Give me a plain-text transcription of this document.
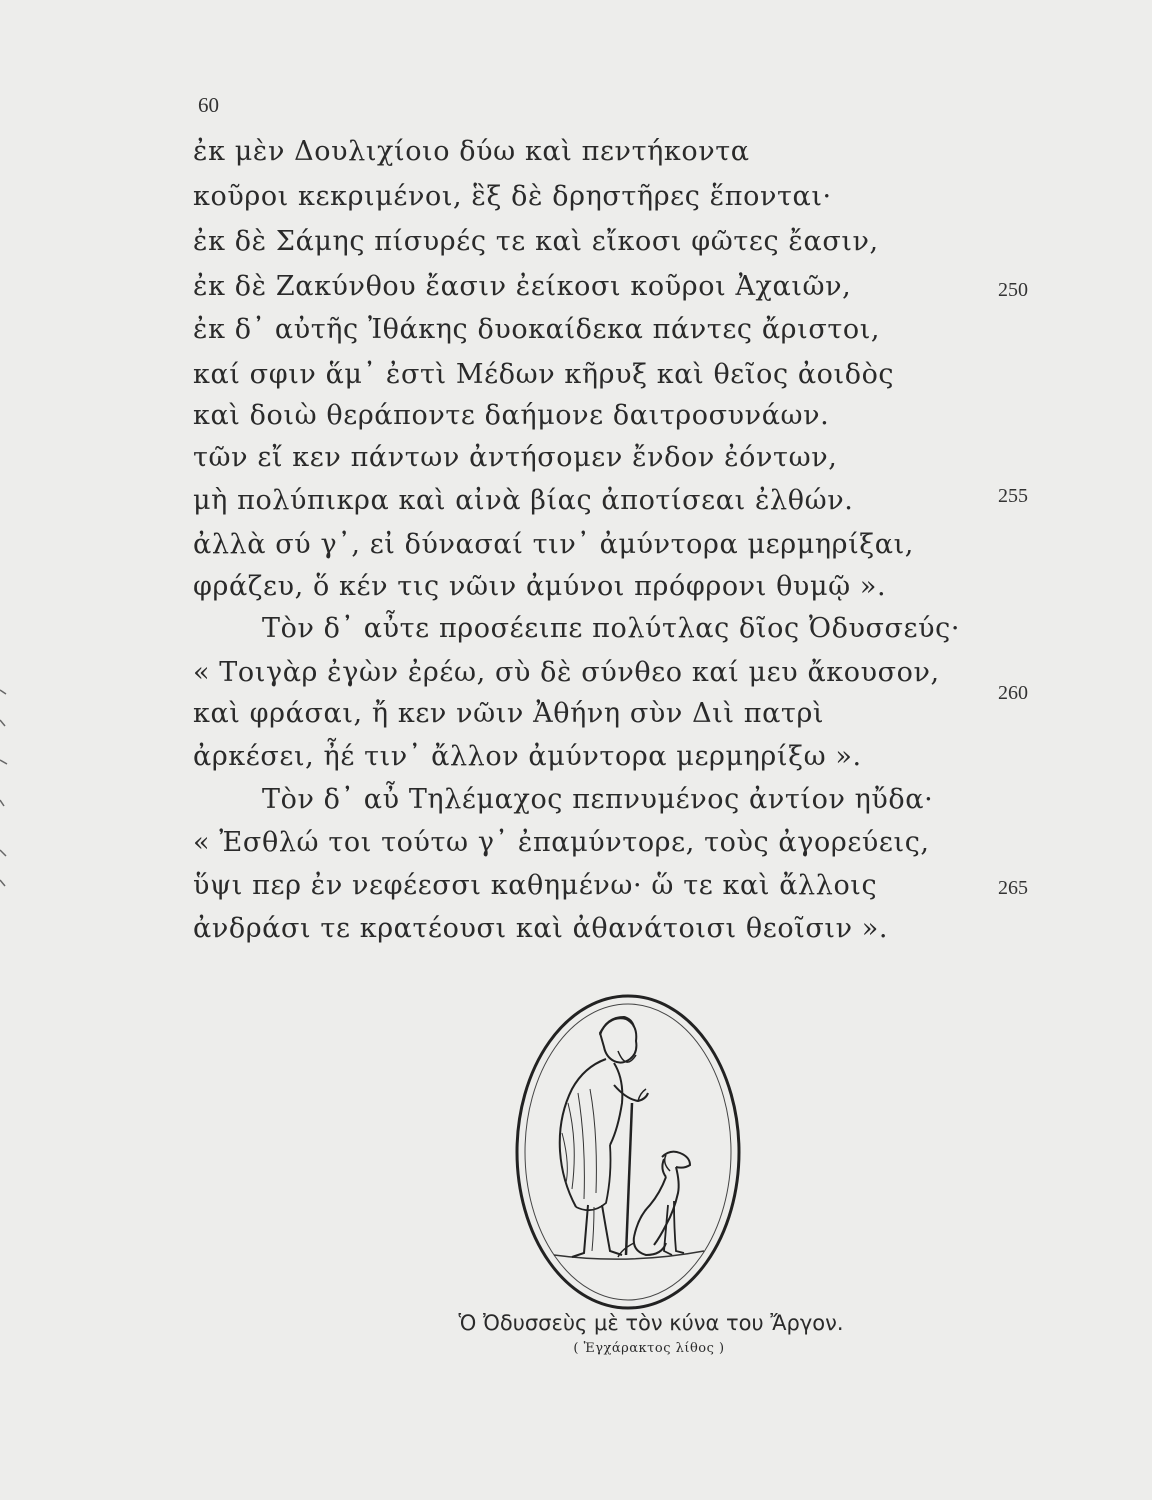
60
ἐκ μὲν Δουλιχίοιο δύω καὶ πεντήκοντα
κοῦροι κεκριμένοι, ἓξ δὲ δρηστῆρες ἕπονται·
ἐκ δὲ Σάμης πίσυρές τε καὶ εἴκοσι φῶτες ἔασιν,
ἐκ δὲ Ζακύνθου ἔασιν ἐείκοσι κοῦροι Ἀχαιῶν,	250
ἐκ δ᾽ αὐτῆς Ἰθάκης δυοκαίδεκα πάντες ἄριστοι,
καί σφιν ἅμ᾽ ἐστὶ Μέδων κῆρυξ καὶ θεῖος ἀοιδὸς
καὶ δοιὼ θεράποντε δαήμονε δαιτροσυνάων.
τῶν εἴ κεν πάντων ἀντήσομεν ἔνδον ἐόντων,
μὴ πολύπικρα καὶ αἰνὰ βίας ἀποτίσεαι ἐλθών.	255
ἀλλὰ σύ γ᾽, εἰ δύνασαί τιν᾽ ἀμύντορα μερμηρίξαι,
φράζευ, ὅ κέν τις νῶιν ἀμύνοι πρόφρονι θυμῷ ».
Τὸν δ᾽ αὖτε προσέειπε πολύτλας δῖος Ὀδυσσεύς·
« Τοιγὰρ ἐγὼν ἐρέω, σὺ δὲ σύνθεο καί μευ ἄκουσον,
καὶ φράσαι, ἤ κεν νῶιν Ἀθήνη σὺν Διὶ πατρὶ
260
ἀρκέσει, ἦέ τιν᾽ ἄλλον ἀμύντορα μερμηρίξω ».
Τὸν δ᾽ αὖ Τηλέμαχος πεπνυμένος ἀντίον ηὔδα·
« Ἐσθλώ τοι τούτω γ᾽ ἐπαμύντορε, τοὺς ἀγορεύεις,
ὕψι περ ἐν νεφέεσσι καθημένω· ὥ τε καὶ ἄλλοις
ἀνδράσι τε κρατέουσι καὶ ἀθανάτοισι θεοῖσιν ».
265
Ὁ Ὀδυσσεὺς μὲ τὸν κύνα του Ἄργον.
( Ἐγχάρακτος λίθος )
